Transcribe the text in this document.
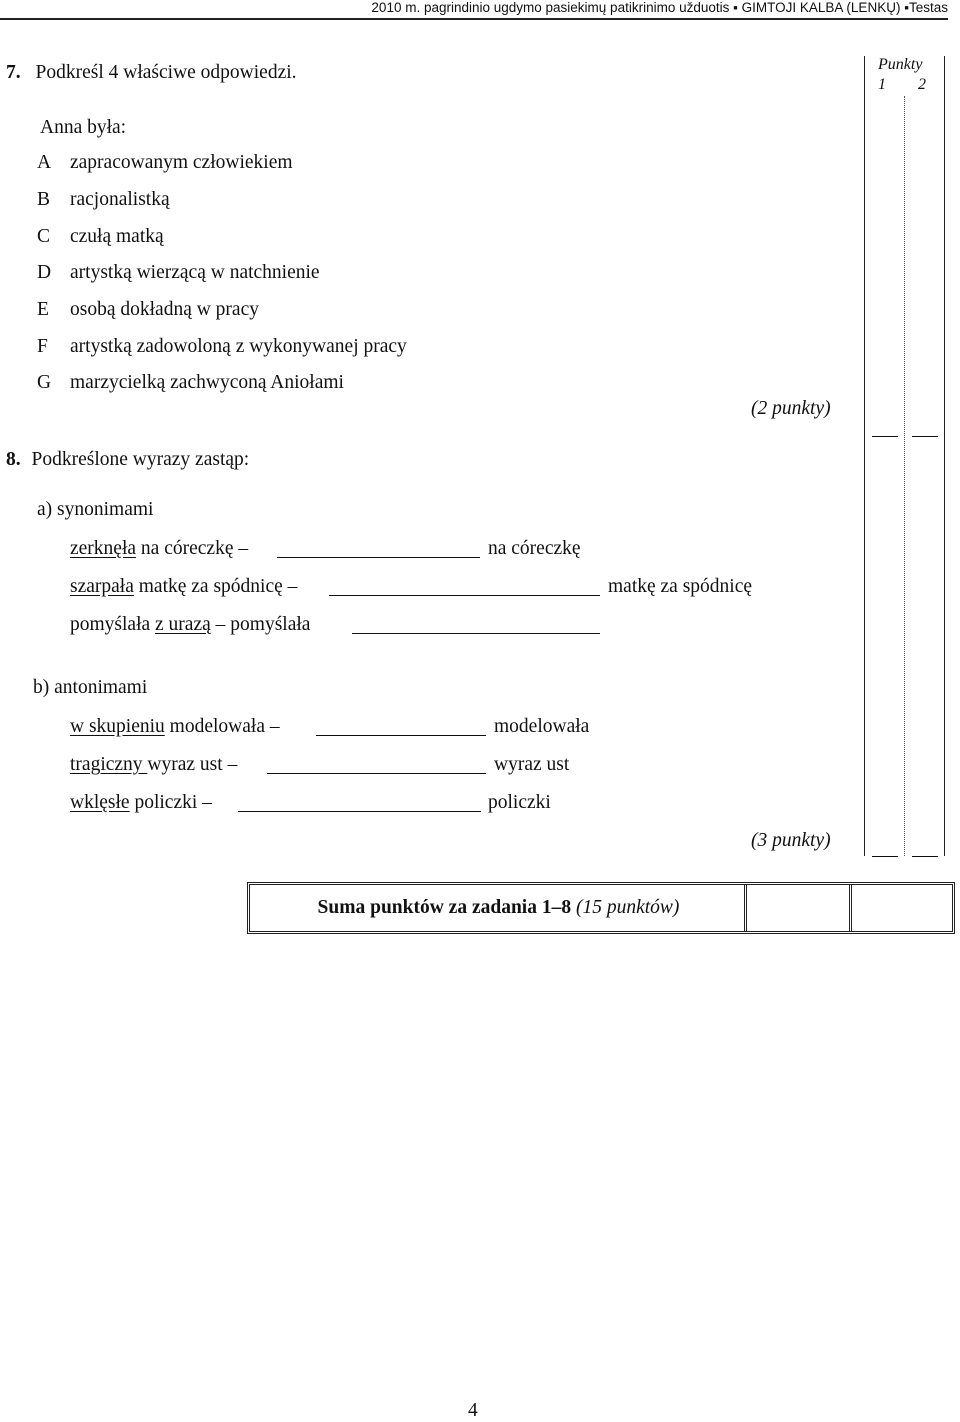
2010 m. pagrindinio ugdymo pasiekimų patikrinimo užduotis ▪ GIMTOJI KALBA (LENKŲ) ▪Testas
Punkty
1 2
7. Podkreśl 4 właściwe odpowiedzi.
Anna była:
A zapracowanym człowiekiem
B	racjonalistką
C	czułą matką
D artystką wierzącą w natchnienie
E	osobą dokładną w pracy
F	artystką zadowoloną z wykonywanej pracy
G marzycielką zachwyconą Aniołami
(2 punkty)
8. Podkreślone wyrazy zastąp:
a) synonimami
zerknęła na córeczkę –	na córeczkę
szarpała matkę za spódnicę –	matkę za spódnicę
pomyślała z urazą – pomyślała
b) antonimami
w skupieniu modelowała –	modelowała
tragiczny wyraz ust –	wyraz ust
wklęsłe policzki –	policzki
(3 punkty)
Suma punktów za zadania 1–8 (15 punktów)
4
